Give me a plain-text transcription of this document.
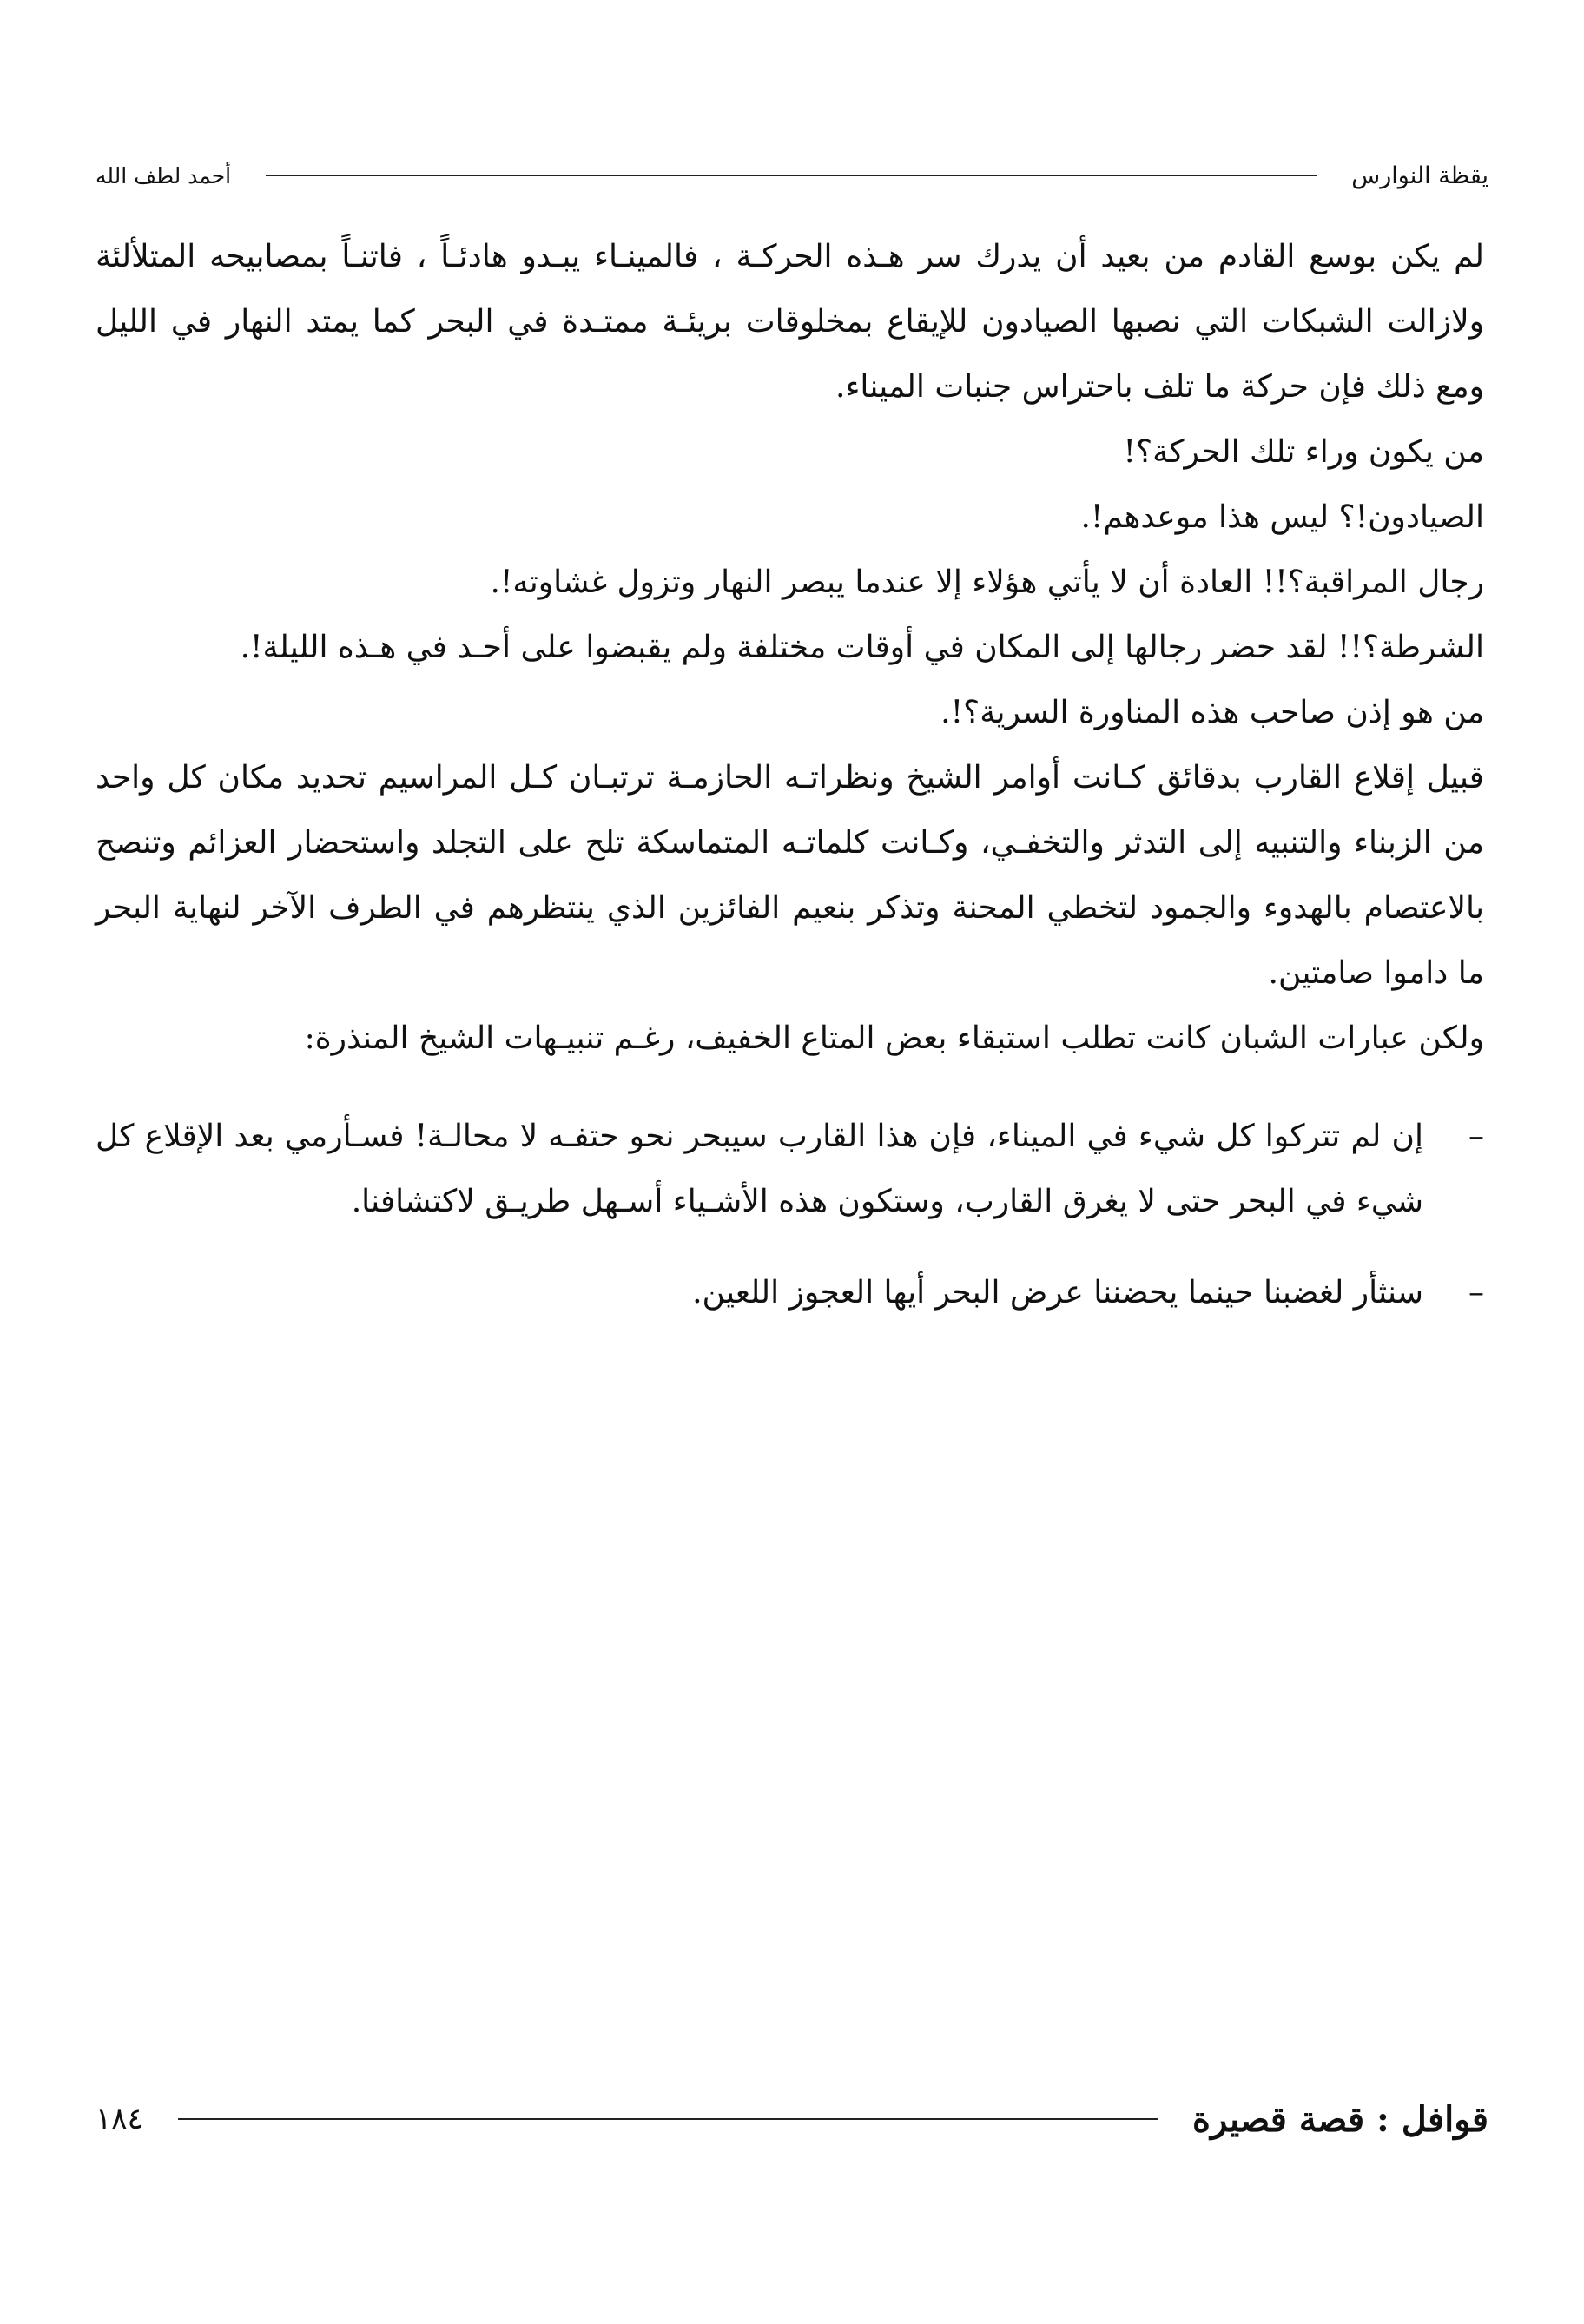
يقظة النوارس
أحمد لطف الله

لم يكن بوسع القادم من بعيد أن يدرك سر هـذه الحركـة ، فالمينـاء يبـدو هادئـاً ، فاتنـاً بمصابيحه المتلألئة ولازالت الشبكات التي نصبها الصيادون للإيقاع بمخلوقات بريئـة ممتـدة في البحر كما يمتد النهار في الليل ومع ذلك فإن حركة ما تلف باحتراس جنبات الميناء.

من يكون وراء تلك الحركة؟!

الصيادون!؟ ليس هذا موعدهم!.

رجال المراقبة؟!! العادة أن لا يأتي هؤلاء إلا عندما يبصر النهار وتزول غشاوته!.

الشرطة؟!! لقد حضر رجالها إلى المكان في أوقات مختلفة ولم يقبضوا على أحـد في هـذه الليلة!.

من هو إذن صاحب هذه المناورة السرية؟!.

قبيل إقلاع القارب بدقائق كـانت أوامر الشيخ ونظراتـه الحازمـة ترتبـان كـل المراسيم تحديد مكان كل واحد من الزبناء والتنبيه إلى التدثر والتخفـي، وكـانت كلماتـه المتماسكة تلح على التجلد واستحضار العزائم وتنصح بالاعتصام بالهدوء والجمود لتخطي المحنة وتذكر بنعيم الفائزين الذي ينتظرهم في الطرف الآخر لنهاية البحر ما داموا صامتين.

ولكن عبارات الشبان كانت تطلب استبقاء بعض المتاع الخفيف، رغـم تنبيـهات الشيخ المنذرة:

–
إن لم تتركوا كل شيء في الميناء، فإن هذا القارب سيبحر نحو حتفـه لا محالـة! فسـأرمي بعد الإقلاع كل شيء في البحر حتى لا يغرق القارب، وستكون هذه الأشـياء أسـهل طريـق لاكتشافنا.

–
سنثأر لغضبنا حينما يحضننا عرض البحر أيها العجوز اللعين.

قوافل : قصة قصيرة
١٨٤
